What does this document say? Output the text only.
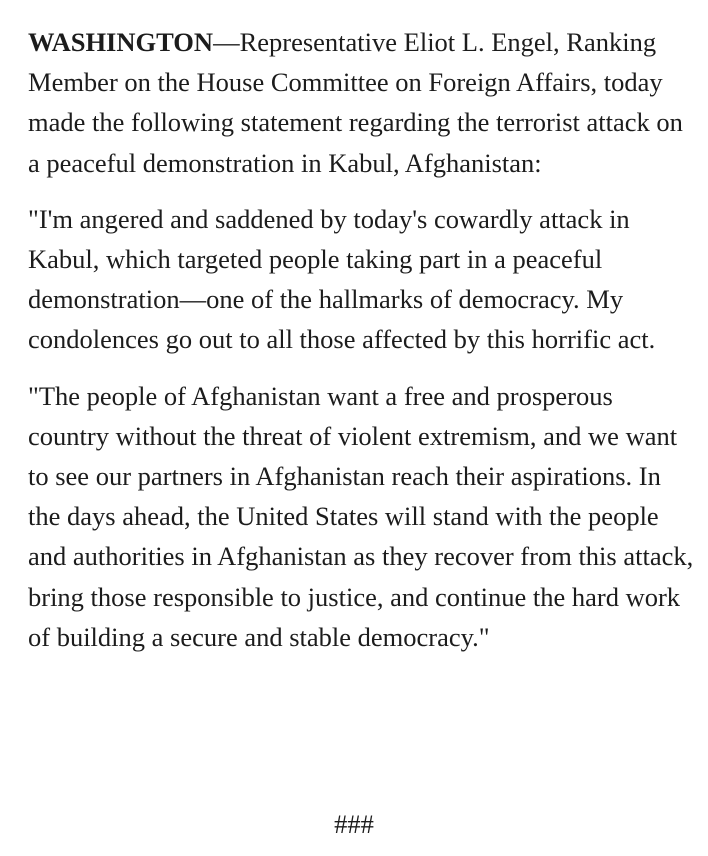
WASHINGTON—Representative Eliot L. Engel, Ranking Member on the House Committee on Foreign Affairs, today made the following statement regarding the terrorist attack on a peaceful demonstration in Kabul, Afghanistan:

"I'm angered and saddened by today's cowardly attack in Kabul, which targeted people taking part in a peaceful demonstration—one of the hallmarks of democracy. My condolences go out to all those affected by this horrific act.

"The people of Afghanistan want a free and prosperous country without the threat of violent extremism, and we want to see our partners in Afghanistan reach their aspirations. In the days ahead, the United States will stand with the people and authorities in Afghanistan as they recover from this attack, bring those responsible to justice, and continue the hard work of building a secure and stable democracy."

###
